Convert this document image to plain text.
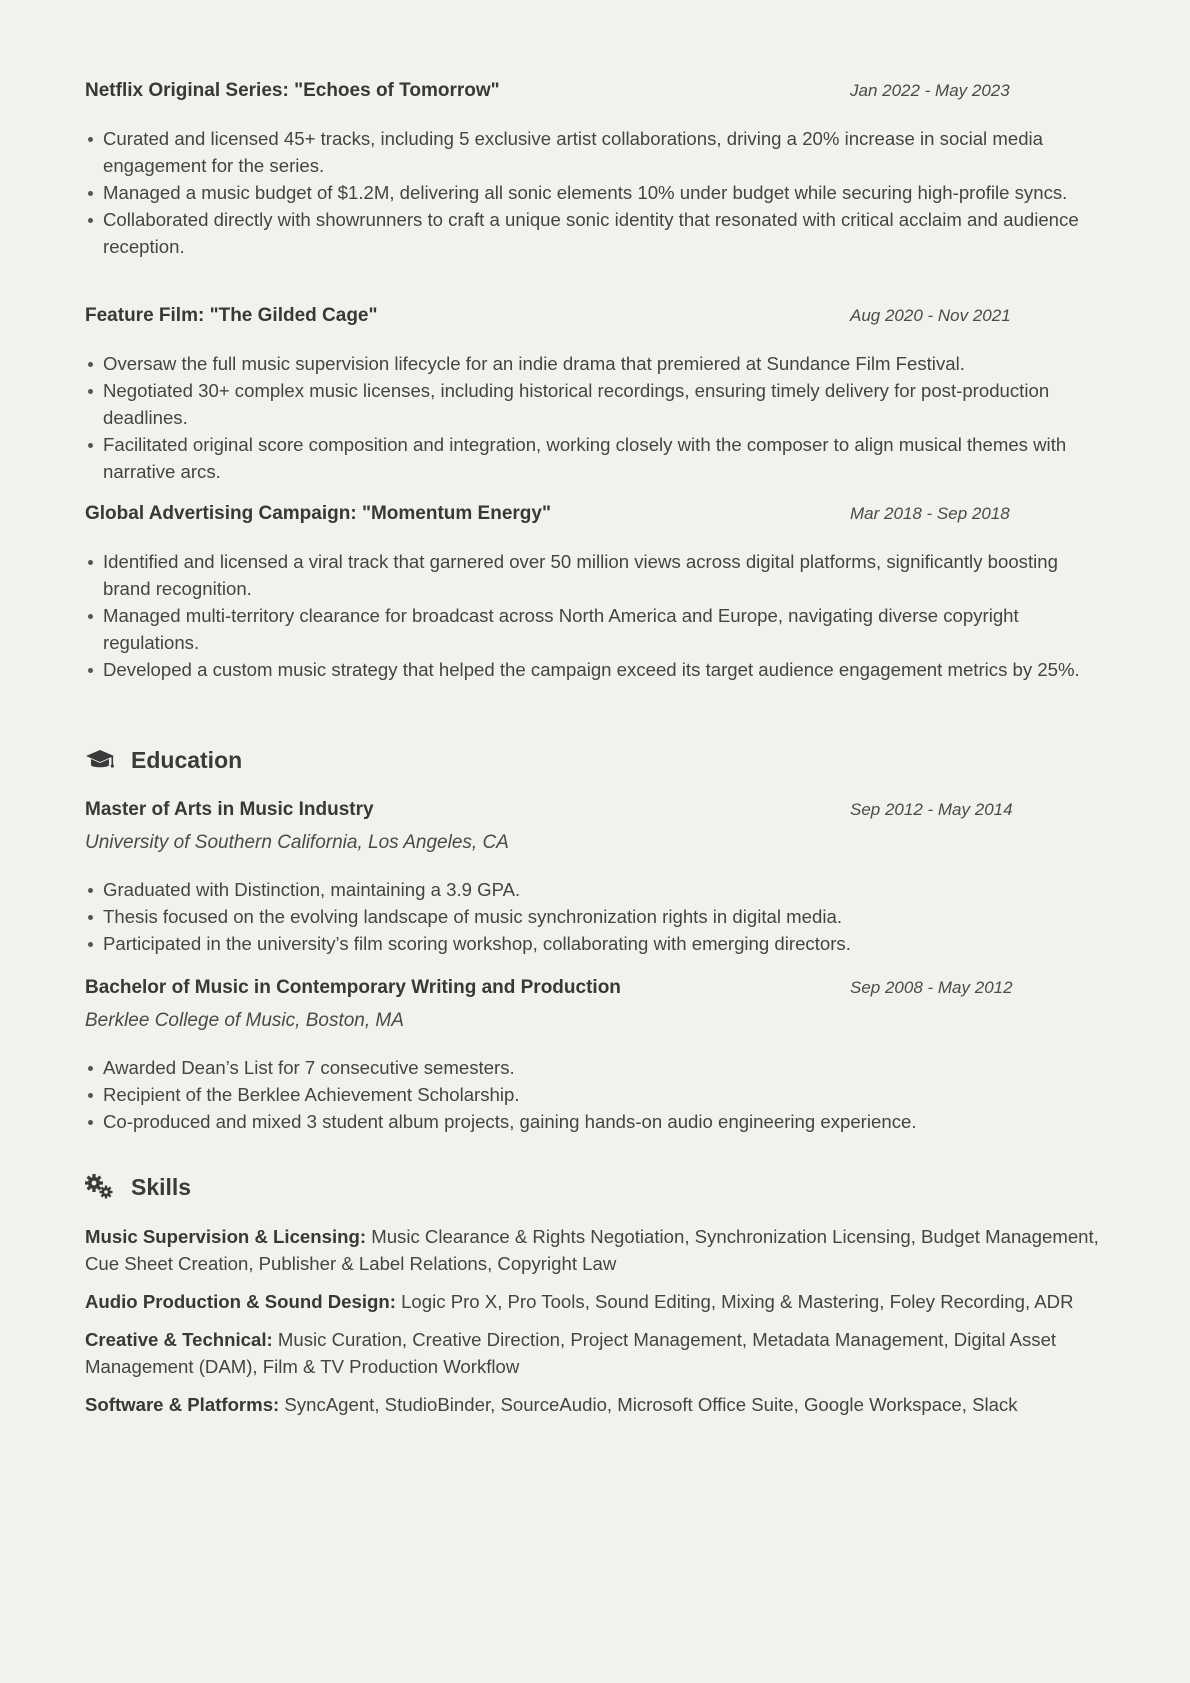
Netflix Original Series: "Echoes of Tomorrow"	Jan 2022 - May 2023
Curated and licensed 45+ tracks, including 5 exclusive artist collaborations, driving a 20% increase in social media engagement for the series.
Managed a music budget of $1.2M, delivering all sonic elements 10% under budget while securing high-profile syncs.
Collaborated directly with showrunners to craft a unique sonic identity that resonated with critical acclaim and audience reception.
Feature Film: "The Gilded Cage"	Aug 2020 - Nov 2021
Oversaw the full music supervision lifecycle for an indie drama that premiered at Sundance Film Festival.
Negotiated 30+ complex music licenses, including historical recordings, ensuring timely delivery for post-production deadlines.
Facilitated original score composition and integration, working closely with the composer to align musical themes with narrative arcs.
Global Advertising Campaign: "Momentum Energy"	Mar 2018 - Sep 2018
Identified and licensed a viral track that garnered over 50 million views across digital platforms, significantly boosting brand recognition.
Managed multi-territory clearance for broadcast across North America and Europe, navigating diverse copyright regulations.
Developed a custom music strategy that helped the campaign exceed its target audience engagement metrics by 25%.
Education
Master of Arts in Music Industry	Sep 2012 - May 2014
University of Southern California, Los Angeles, CA
Graduated with Distinction, maintaining a 3.9 GPA.
Thesis focused on the evolving landscape of music synchronization rights in digital media.
Participated in the university’s film scoring workshop, collaborating with emerging directors.
Bachelor of Music in Contemporary Writing and Production	Sep 2008 - May 2012
Berklee College of Music, Boston, MA
Awarded Dean’s List for 7 consecutive semesters.
Recipient of the Berklee Achievement Scholarship.
Co-produced and mixed 3 student album projects, gaining hands-on audio engineering experience.
Skills
Music Supervision & Licensing: Music Clearance & Rights Negotiation, Synchronization Licensing, Budget Management, Cue Sheet Creation, Publisher & Label Relations, Copyright Law
Audio Production & Sound Design: Logic Pro X, Pro Tools, Sound Editing, Mixing & Mastering, Foley Recording, ADR
Creative & Technical: Music Curation, Creative Direction, Project Management, Metadata Management, Digital Asset Management (DAM), Film & TV Production Workflow
Software & Platforms: SyncAgent, StudioBinder, SourceAudio, Microsoft Office Suite, Google Workspace, Slack
